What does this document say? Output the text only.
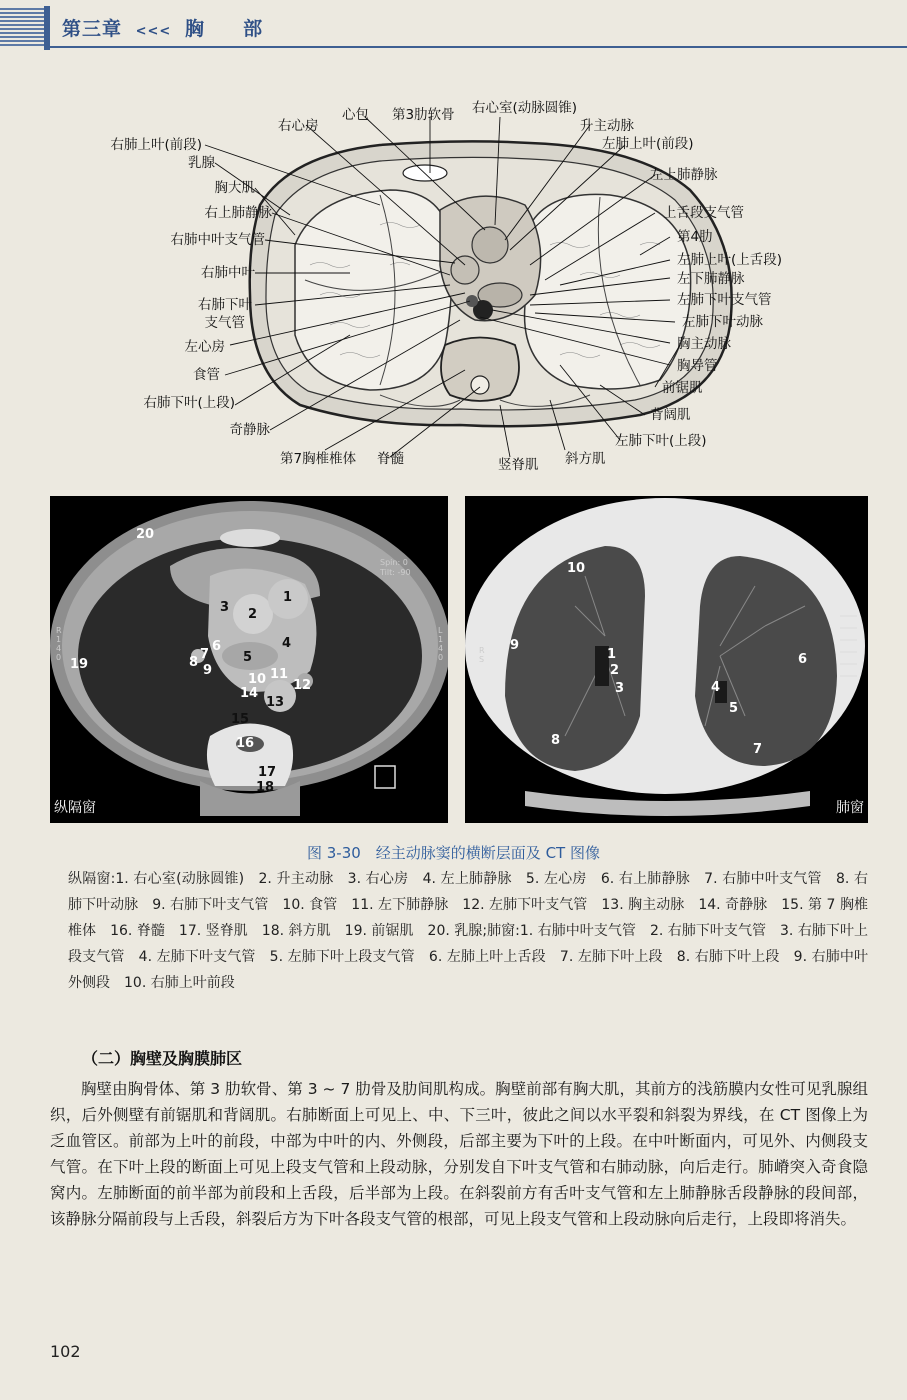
第三章 <<< 胸 部
右肺上叶(前段)
乳腺
胸大肌
右上肺静脉
右肺中叶支气管
右肺中叶
右肺下叶
支气管
左心房
食管
右肺下叶(上段)
奇静脉
右心房
心包 第3肋软骨 右心室(动脉圆锥)
升主动脉
左肺上叶(前段)
左上肺静脉
上舌段支气管
第4肋
左肺上叶(上舌段)
左下肺静脉
左肺下叶支气管
左肺下叶动脉
胸主动脉
胸导管
前锯肌
背阔肌
左肺下叶(上段)
第7胸椎椎体 脊髓	竖脊肌 斜方肌
Spin: 0
Tilt: -90
R 1 4 0
L 1 4 0
20
1
2
3
4
5
6
7
8
9
10 11
12
13
14
15
16
17
18
19
纵隔窗
R S
10
9
1
2
3	4
5
6
7
8
肺窗
图 3-30　经主动脉窦的横断层面及 CT 图像
纵隔窗:1. 右心室(动脉圆锥)　2. 升主动脉　3. 右心房　4. 左上肺静脉　5. 左心房　6. 右上肺静脉　7. 右肺中叶支气管　8. 右肺下叶动脉　9. 右肺下叶支气管　10. 食管　11. 左下肺静脉　12. 左肺下叶支气管　13. 胸主动脉　14. 奇静脉　15. 第 7 胸椎椎体　16. 脊髓　17. 竖脊肌　18. 斜方肌　19. 前锯肌　20. 乳腺;肺窗:1. 右肺中叶支气管　2. 右肺下叶支气管　3. 右肺下叶上段支气管　4. 左肺下叶支气管　5. 左肺下叶上段支气管　6. 左肺上叶上舌段　7. 左肺下叶上段　8. 右肺下叶上段　9. 右肺中叶外侧段　10. 右肺上叶前段
（二）胸壁及胸膜肺区
胸壁由胸骨体、第 3 肋软骨、第 3 ~ 7 肋骨及肋间肌构成。胸壁前部有胸大肌，其前方的浅筋膜内女性可见乳腺组织，后外侧壁有前锯肌和背阔肌。右肺断面上可见上、中、下三叶，彼此之间以水平裂和斜裂为界线，在 CT 图像上为乏血管区。前部为上叶的前段，中部为中叶的内、外侧段，后部主要为下叶的上段。在中叶断面内，可见外、内侧段支气管。在下叶上段的断面上可见上段支气管和上段动脉，分别发自下叶支气管和右肺动脉，向后走行。肺嵴突入奇食隐窝内。左肺断面的前半部为前段和上舌段，后半部为上段。在斜裂前方有舌叶支气管和左上肺静脉舌段静脉的段间部，该静脉分隔前段与上舌段，斜裂后方为下叶各段支气管的根部，可见上段支气管和上段动脉向后走行，上段即将消失。
102
